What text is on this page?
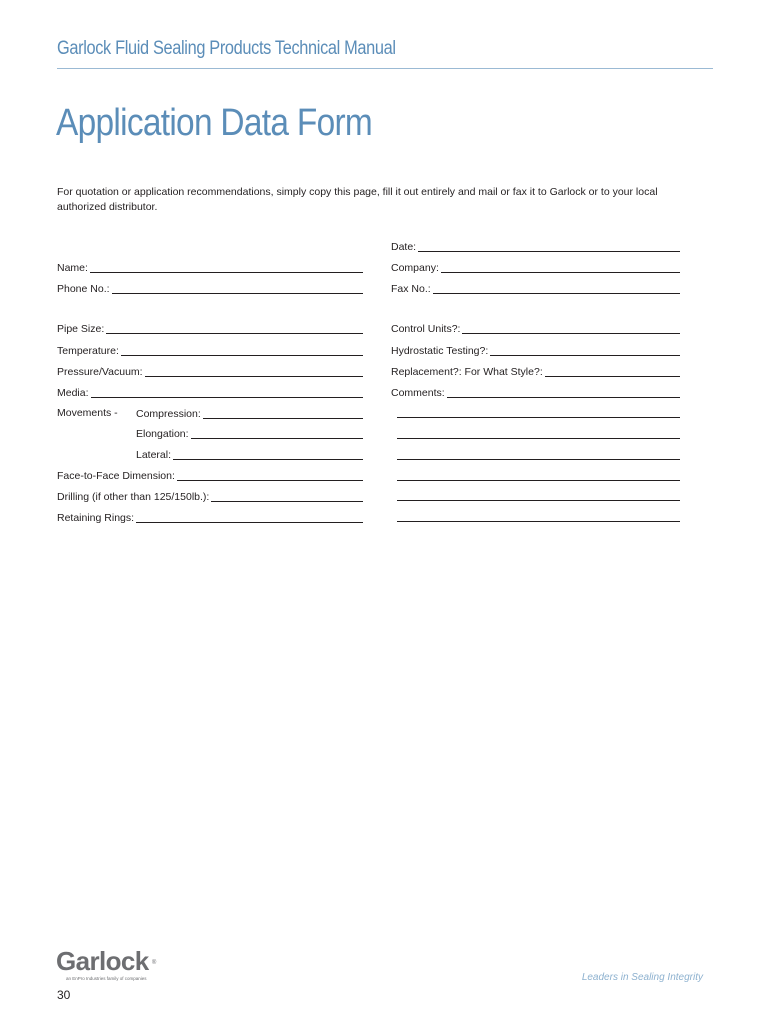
Garlock Fluid Sealing Products Technical Manual
Application Data Form
For quotation or application recommendations, simply copy this page, fill it out entirely and mail or fax it to Garlock or to your local authorized distributor.
Date:
Name:	Company:
Phone No.:	Fax No.:
Pipe Size:	Control Units?:
Temperature:	Hydrostatic Testing?:
Pressure/Vacuum:	Replacement?: For What Style?:
Media:	Comments:
Movements - Compression:
Elongation:
Lateral:
Face-to-Face Dimension:
Drilling (if other than 125/150lb.):
Retaining Rings:
Garlock ®
an EnPro Industries family of companies
30
Leaders in Sealing Integrity
